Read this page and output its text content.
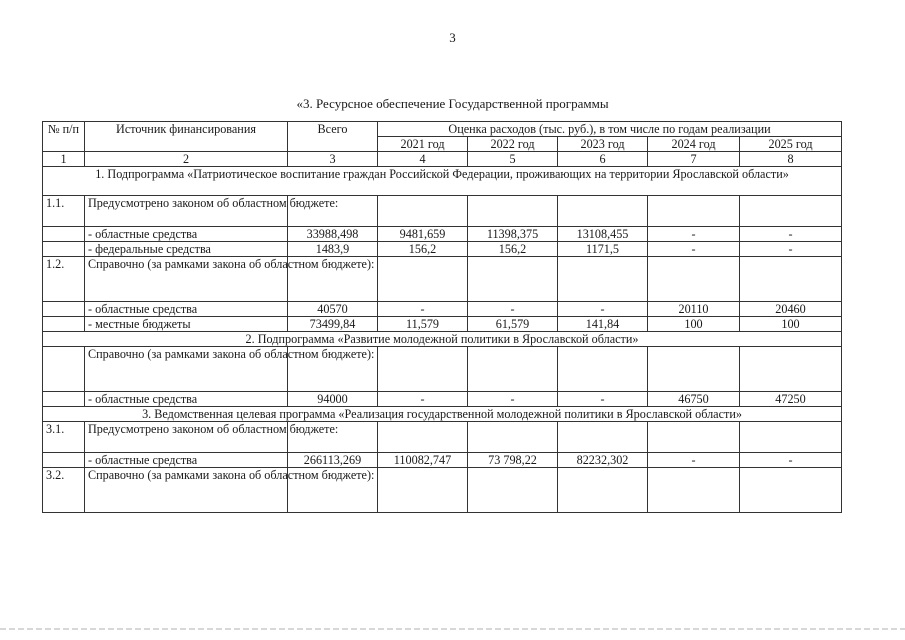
3
«3. Ресурсное обеспечение Государственной программы
№ п/п	Источник финансирования	Всего	Оценка расходов (тыс. руб.), в том числе по годам реализации				
			2021 год	2022 год	2023 год	2024 год	2025 год
1	2	3	4	5	6	7	8
1. Подпрограмма «Патриотическое воспитание граждан Российской Федерации, проживающих на территории Ярославской области»							
1.1.	Предусмотрено законом об областном бюджете:						
	- областные средства	33988,498	9481,659	11398,375	13108,455	-	-
	- федеральные средства	1483,9	156,2	156,2	1171,5	-	-
1.2.	Справочно (за рамками закона об областном бюджете):						
	- областные средства	40570	-	-	-	20110	20460
	- местные бюджеты	73499,84	11,579	61,579	141,84	100	100
2. Подпрограмма «Развитие молодежной политики в Ярославской области»							
	Справочно (за рамками закона об областном бюджете):						
	- областные средства	94000	-	-	-	46750	47250
3. Ведомственная целевая программа «Реализация государственной молодежной политики в Ярославской области»							
3.1.	Предусмотрено законом об областном бюджете:						
	- областные средства	266113,269	110082,747	73 798,22	82232,302	-	-
3.2.	Справочно (за рамками закона об областном бюджете):						
